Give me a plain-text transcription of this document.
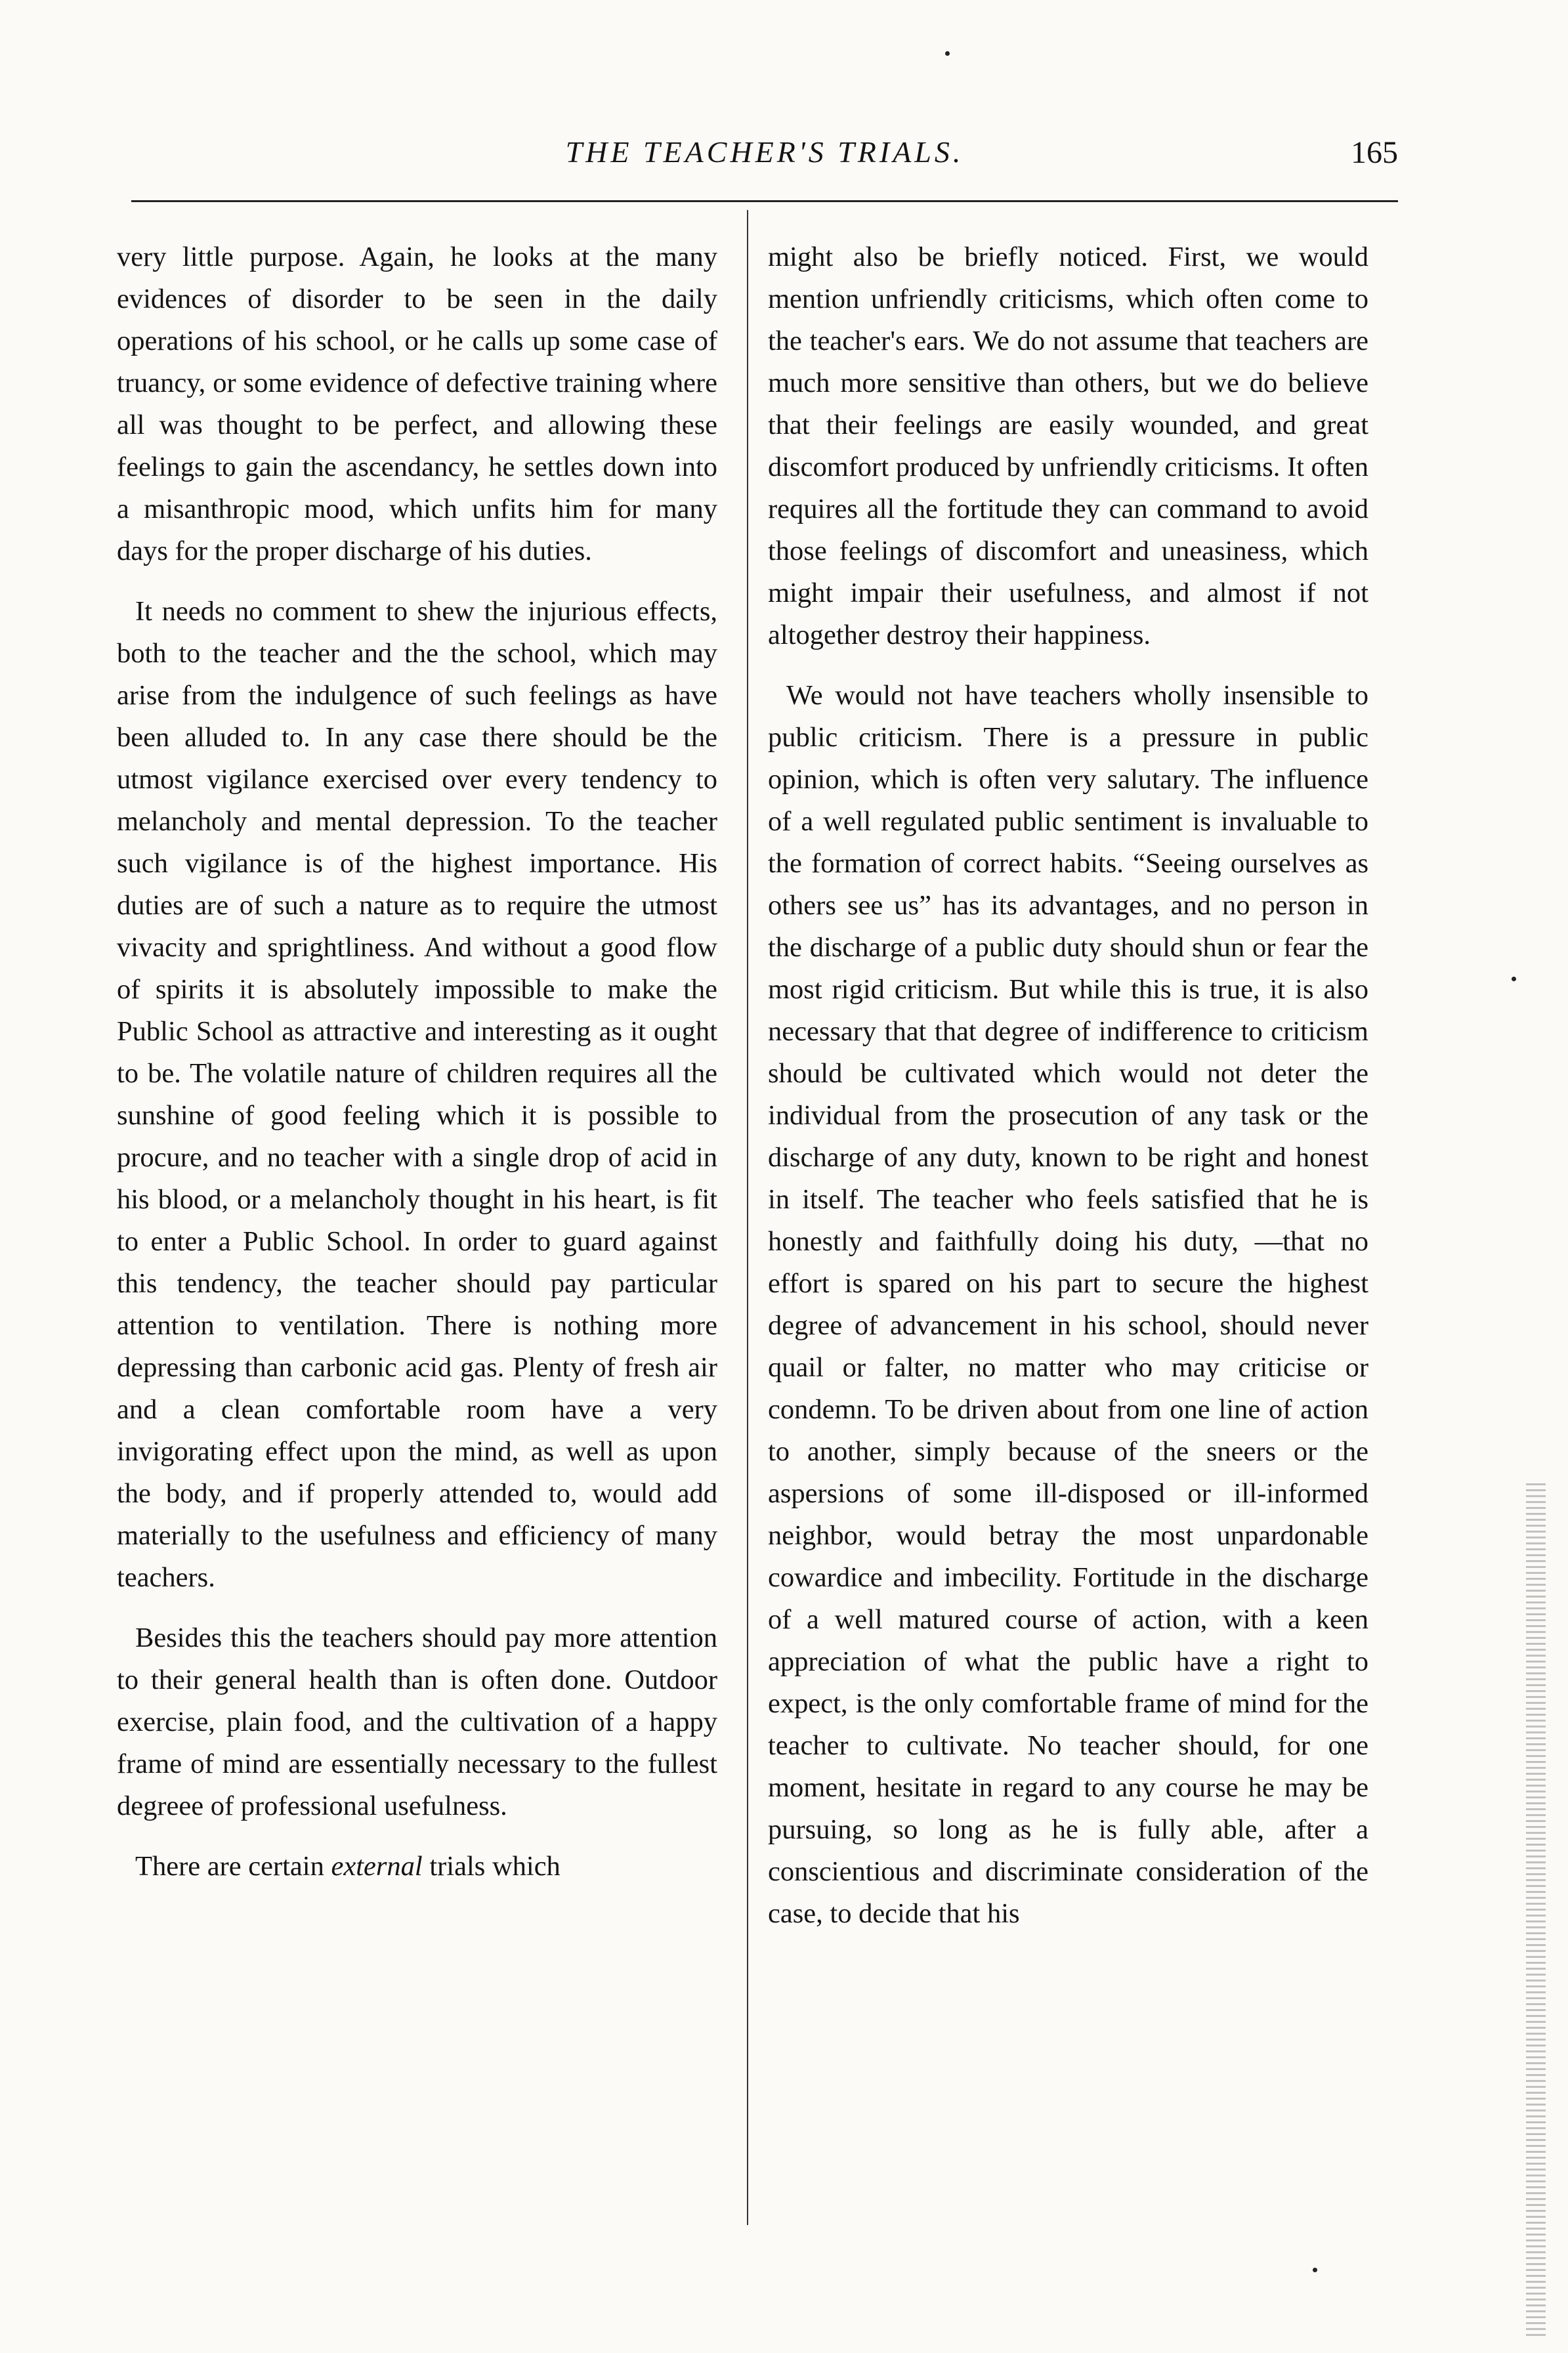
THE TEACHER'S TRIALS.	165

very little purpose. Again, he looks at the many evidences of disorder to be seen in the daily operations of his school, or he calls up some case of truancy, or some evidence of defective training where all was thought to be perfect, and allowing these feelings to gain the ascendancy, he settles down into a misanthropic mood, which unfits him for many days for the proper discharge of his duties.

It needs no comment to shew the injurious effects, both to the teacher and the the school, which may arise from the indulgence of such feelings as have been alluded to. In any case there should be the utmost vigilance exercised over every tendency to melancholy and mental depression. To the teacher such vigilance is of the highest importance. His duties are of such a nature as to require the utmost vivacity and sprightliness. And without a good flow of spirits it is absolutely impossible to make the Public School as attractive and interesting as it ought to be. The volatile nature of children requires all the sunshine of good feeling which it is possible to procure, and no teacher with a single drop of acid in his blood, or a melancholy thought in his heart, is fit to enter a Public School. In order to guard against this tendency, the teacher should pay particular attention to ventilation. There is nothing more depressing than carbonic acid gas. Plenty of fresh air and a clean comfortable room have a very invigorating effect upon the mind, as well as upon the body, and if properly attended to, would add materially to the usefulness and efficiency of many teachers.

Besides this the teachers should pay more attention to their general health than is often done. Outdoor exercise, plain food, and the cultivation of a happy frame of mind are essentially necessary to the fullest degreee of professional usefulness.

There are certain external trials which

might also be briefly noticed. First, we would mention unfriendly criticisms, which often come to the teacher's ears. We do not assume that teachers are much more sensitive than others, but we do believe that their feelings are easily wounded, and great discomfort produced by unfriendly criticisms. It often requires all the fortitude they can command to avoid those feelings of discomfort and uneasiness, which might impair their usefulness, and almost if not altogether destroy their happiness.

We would not have teachers wholly insensible to public criticism. There is a pressure in public opinion, which is often very salutary. The influence of a well regulated public sentiment is invaluable to the formation of correct habits. “Seeing ourselves as others see us” has its advantages, and no person in the discharge of a public duty should shun or fear the most rigid criticism. But while this is true, it is also necessary that that degree of indifference to criticism should be cultivated which would not deter the individual from the prosecution of any task or the discharge of any duty, known to be right and honest in itself. The teacher who feels satisfied that he is honestly and faithfully doing his duty, —that no effort is spared on his part to secure the highest degree of advancement in his school, should never quail or falter, no matter who may criticise or condemn. To be driven about from one line of action to another, simply because of the sneers or the aspersions of some ill-disposed or ill-informed neighbor, would betray the most unpardonable cowardice and imbecility. Fortitude in the discharge of a well matured course of action, with a keen appreciation of what the public have a right to expect, is the only comfortable frame of mind for the teacher to cultivate. No teacher should, for one moment, hesitate in regard to any course he may be pursuing, so long as he is fully able, after a conscientious and discriminate consideration of the case, to decide that his
